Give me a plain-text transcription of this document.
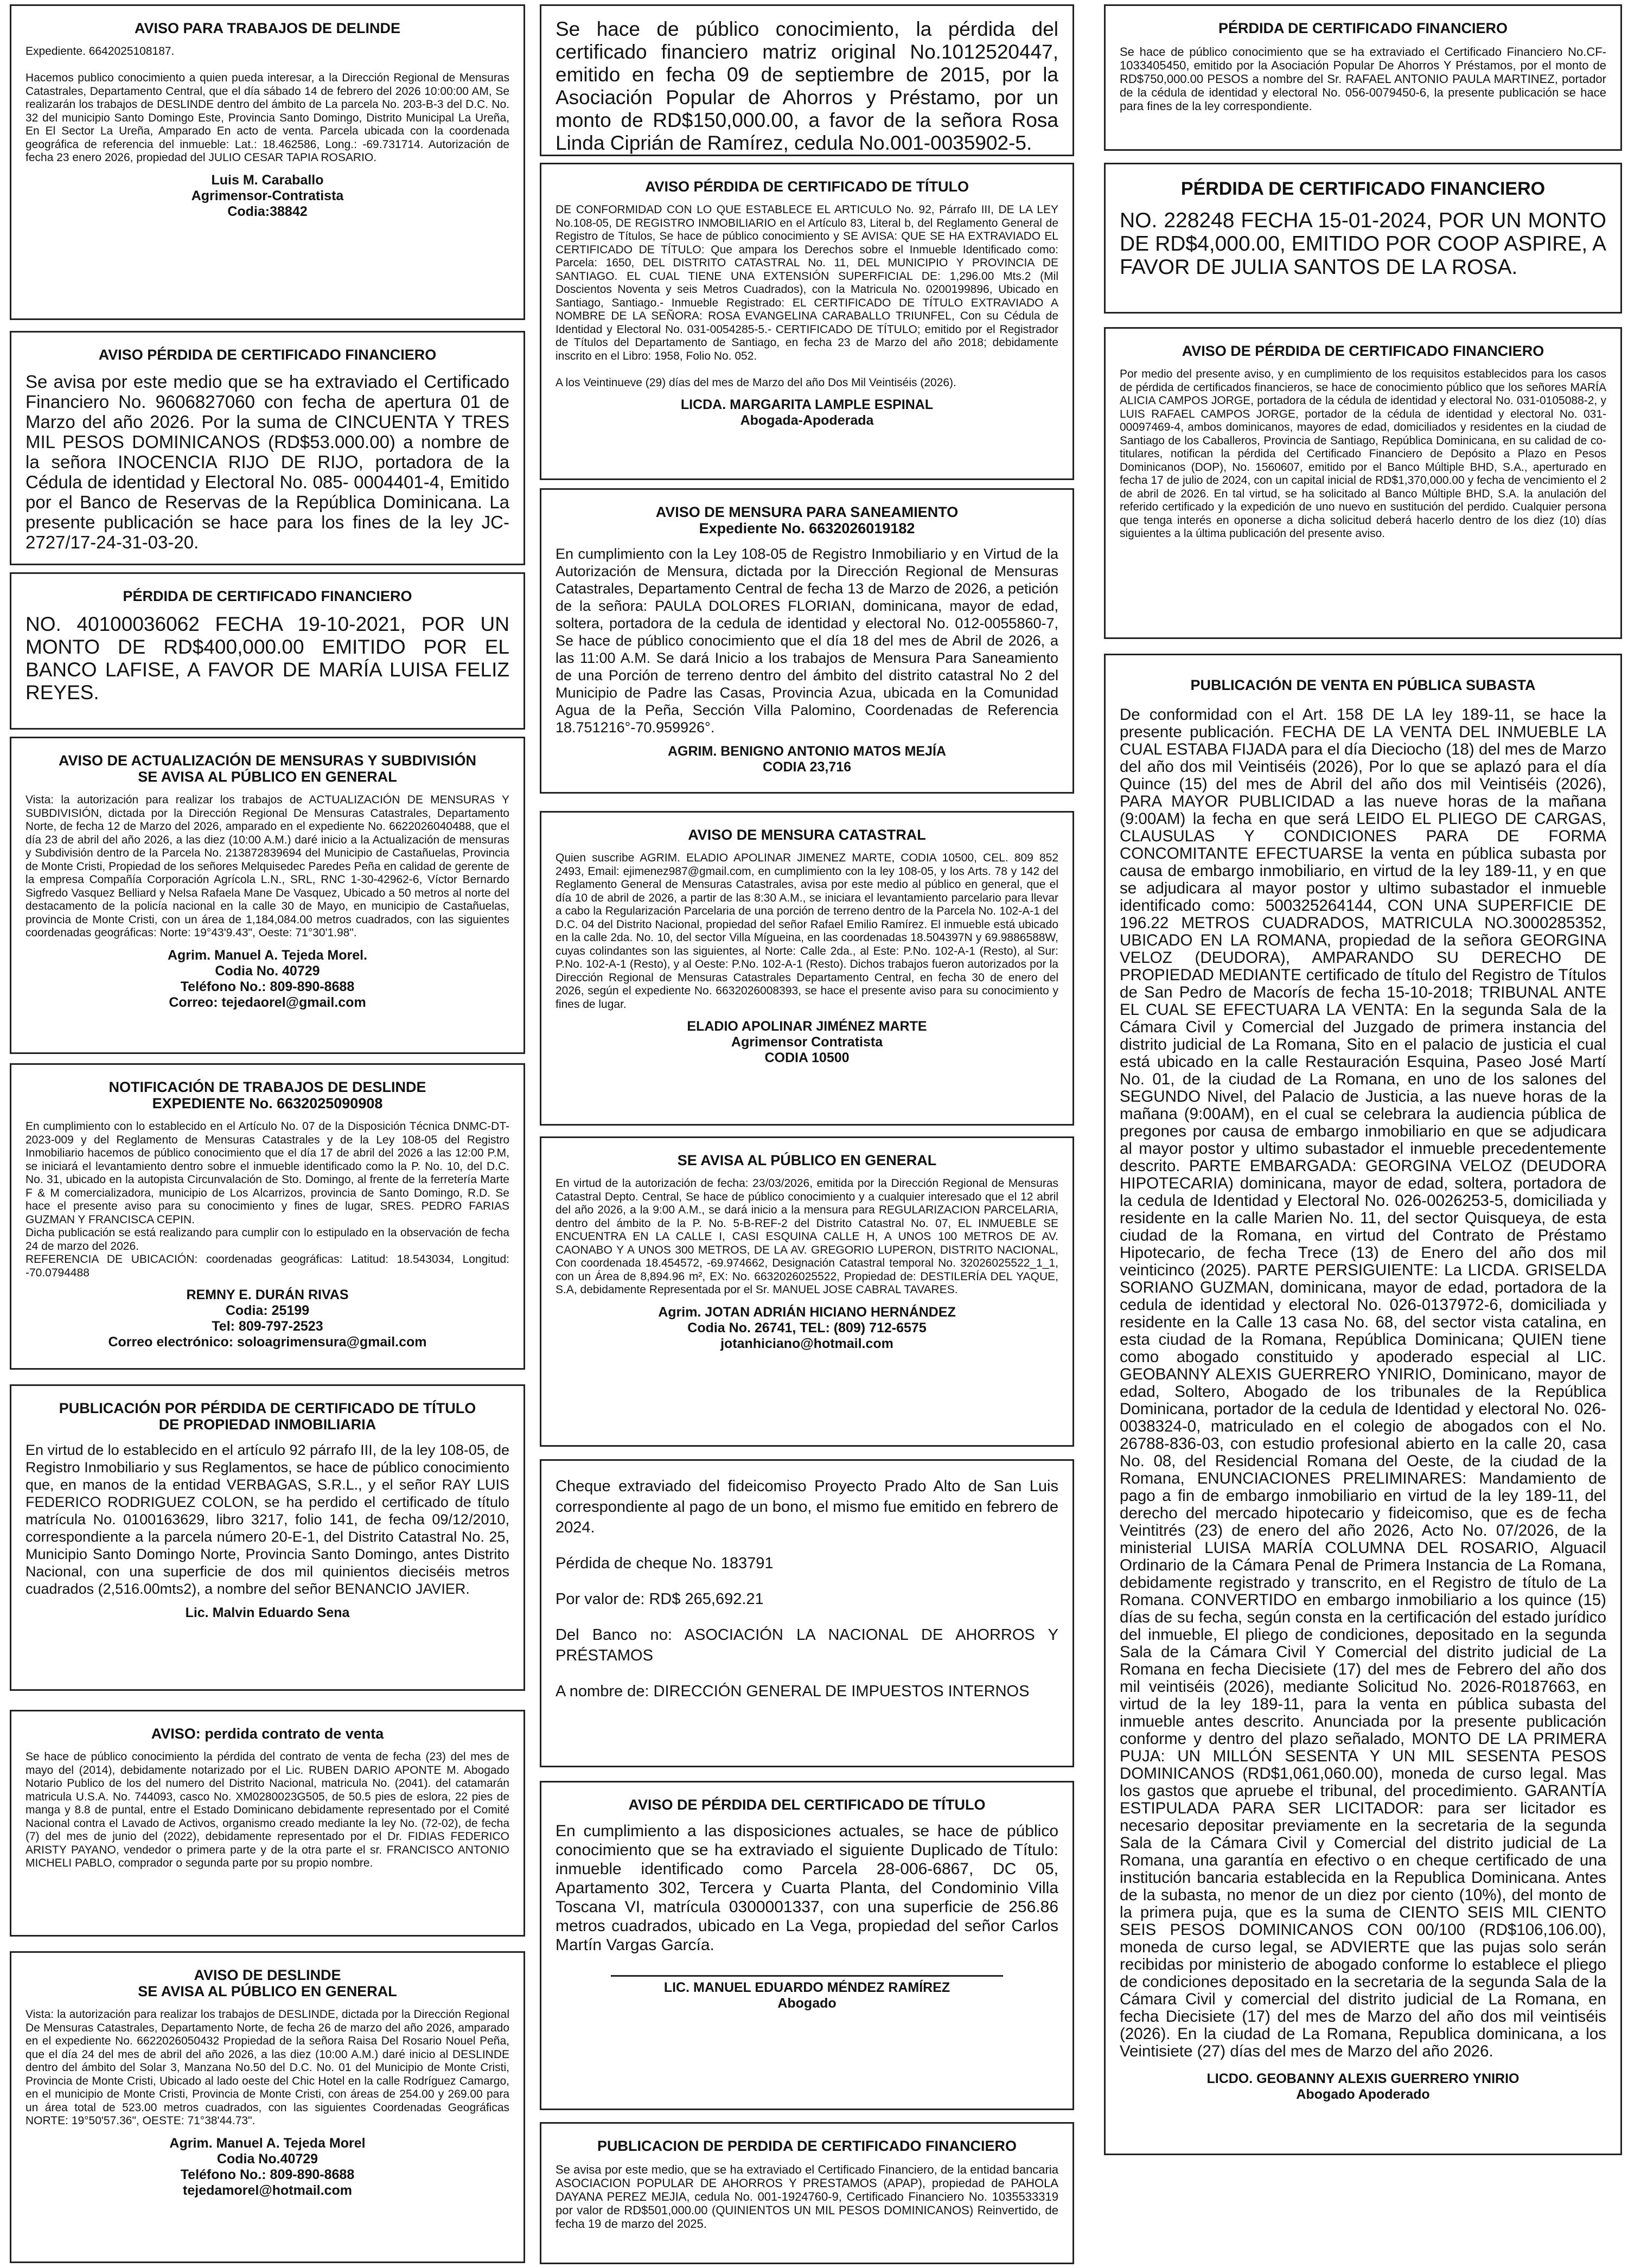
AVISO PARA TRABAJOS DE DELINDE
Expediente. 6642025108187.

Hacemos publico conocimiento a quien pueda interesar, a la Dirección Regional de Mensuras Catastrales, Departamento Central, que el día sábado 14 de febrero del 2026 10:00:00 AM, Se realizarán los trabajos de DESLINDE dentro del ámbito de La parcela No. 203-B-3 del D.C. No. 32 del municipio Santo Domingo Este, Provincia Santo Domingo, Distrito Municipal La Ureña, En El Sector La Ureña, Amparado En acto de venta. Parcela ubicada con la coordenada geográfica de referencia del inmueble: Lat.: 18.462586, Long.: -69.731714. Autorización de fecha 23 enero 2026, propiedad del JULIO CESAR TAPIA ROSARIO.
Luis M. Caraballo
Agrimensor-Contratista
Codia:38842
AVISO PÉRDIDA DE CERTIFICADO FINANCIERO
Se avisa por este medio que se ha extraviado el Certificado Financiero No. 9606827060 con fecha de apertura 01 de Marzo del año 2026. Por la suma de CINCUENTA Y TRES MIL PESOS DOMINICANOS (RD$53.000.00) a nombre de la señora INOCENCIA RIJO DE RIJO, portadora de la Cédula de identidad y Electoral No. 085- 0004401-4, Emitido por el Banco de Reservas de la República Dominicana. La presente publicación se hace para los fines de la ley JC-2727/17-24-31-03-20.
PÉRDIDA DE CERTIFICADO FINANCIERO
NO. 40100036062 FECHA 19-10-2021, POR UN MONTO DE RD$400,000.00 EMITIDO POR EL BANCO LAFISE, A FAVOR DE MARÍA LUISA FELIZ REYES.
AVISO DE ACTUALIZACIÓN DE MENSURAS Y SUBDIVISIÓN
SE AVISA AL PÚBLICO EN GENERAL
Vista: la autorización para realizar los trabajos de ACTUALIZACIÓN DE MENSURAS Y SUBDIVISIÓN, dictada por la Dirección Regional De Mensuras Catastrales, Departamento Norte, de fecha 12 de Marzo del 2026, amparado en el expediente No. 6622026040488, que el día 23 de abril del año 2026, a las diez (10:00 A.M.) daré inicio a la Actualización de mensuras y Subdivisión dentro de la Parcela No. 213872839694 del Municipio de Castañuelas, Provincia de Monte Cristi, Propiedad de los señores Melquisedec Paredes Peña en calidad de gerente de la empresa Compañía Corporación Agrícola L.N., SRL, RNC 1-30-42962-6, Víctor Bernardo Sigfredo Vasquez Belliard y Nelsa Rafaela Mane De Vasquez, Ubicado a 50 metros al norte del destacamento de la policía nacional en la calle 30 de Mayo, en municipio de Castañuelas, provincia de Monte Cristi, con un área de 1,184,084.00 metros cuadrados, con las siguientes coordenadas geográficas: Norte: 19°43'9.43", Oeste: 71°30'1.98".
Agrim. Manuel A. Tejeda Morel.
Codia No. 40729
Teléfono No.: 809-890-8688
Correo: tejedaorel@gmail.com
NOTIFICACIÓN DE TRABAJOS DE DESLINDE
EXPEDIENTE No. 6632025090908
En cumplimiento con lo establecido en el Artículo No. 07 de la Disposición Técnica DNMC-DT-2023-009 y del Reglamento de Mensuras Catastrales y de la Ley 108-05 del Registro Inmobiliario hacemos de público conocimiento que el día 17 de abril del 2026 a las 12:00 P.M, se iniciará el levantamiento dentro sobre el inmueble identificado como la P. No. 10, del D.C. No. 31, ubicado en la autopista Circunvalación de Sto. Domingo, al frente de la ferretería Marte F & M comercializadora, municipio de Los Alcarrizos, provincia de Santo Domingo, R.D. Se hace el presente aviso para su conocimiento y fines de lugar, SRES. PEDRO FARIAS GUZMAN Y FRANCISCA CEPIN.
Dicha publicación se está realizando para cumplir con lo estipulado en la observación de fecha 24 de marzo del 2026.
REFERENCIA DE UBICACIÓN: coordenadas geográficas: Latitud: 18.543034, Longitud: -70.0794488
REMNY E. DURÁN RIVAS
Codia: 25199
Tel: 809-797-2523
Correo electrónico: soloagrimensura@gmail.com
PUBLICACIÓN POR PÉRDIDA DE CERTIFICADO DE TÍTULO
DE PROPIEDAD INMOBILIARIA
En virtud de lo establecido en el artículo 92 párrafo III, de la ley 108-05, de Registro Inmobiliario y sus Reglamentos, se hace de público conocimiento que, en manos de la entidad VERBAGAS, S.R.L., y el señor RAY LUIS FEDERICO RODRIGUEZ COLON, se ha perdido el certificado de título matrícula No. 0100163629, libro 3217, folio 141, de fecha 09/12/2010, correspondiente a la parcela número 20-E-1, del Distrito Catastral No. 25, Municipio Santo Domingo Norte, Provincia Santo Domingo, antes Distrito Nacional, con una superficie de dos mil quinientos dieciséis metros cuadrados (2,516.00mts2), a nombre del señor BENANCIO JAVIER.
Lic. Malvin Eduardo Sena
AVISO: perdida contrato de venta
Se hace de público conocimiento la pérdida del contrato de venta de fecha (23) del mes de mayo del (2014), debidamente notarizado por el Lic. RUBEN DARIO APONTE M. Abogado Notario Publico de los del numero del Distrito Nacional, matricula No. (2041). del catamarán matricula U.S.A. No. 744093, casco No. XM0280023G505, de 50.5 pies de eslora, 22 pies de manga y 8.8 de puntal, entre el Estado Dominicano debidamente representado por el Comité Nacional contra el Lavado de Activos, organismo creado mediante la ley No. (72-02), de fecha (7) del mes de junio del (2022), debidamente representado por el Dr. FIDIAS FEDERICO ARISTY PAYANO, vendedor o primera parte y de la otra parte el sr. FRANCISCO ANTONIO MICHELI PABLO, comprador o segunda parte por su propio nombre.
AVISO DE DESLINDE
SE AVISA AL PÚBLICO EN GENERAL
Vista: la autorización para realizar los trabajos de DESLINDE, dictada por la Dirección Regional De Mensuras Catastrales, Departamento Norte, de fecha 26 de marzo del año 2026, amparado en el expediente No. 6622026050432 Propiedad de la señora Raisa Del Rosario Nouel Peña, que el día 24 del mes de abril del año 2026, a las diez (10:00 A.M.) daré inicio al DESLINDE dentro del ámbito del Solar 3, Manzana No.50 del D.C. No. 01 del Municipio de Monte Cristi, Provincia de Monte Cristi, Ubicado al lado oeste del Chic Hotel en la calle Rodríguez Camargo, en el municipio de Monte Cristi, Provincia de Monte Cristi, con áreas de 254.00 y 269.00 para un área total de 523.00 metros cuadrados, con las siguientes Coordenadas Geográficas NORTE: 19°50'57.36", OESTE: 71°38'44.73".
Agrim. Manuel A. Tejeda Morel
Codia No.40729
Teléfono No.: 809-890-8688
tejedamorel@hotmail.com
Se hace de público conocimiento, la pérdida del certificado financiero matriz original No.1012520447, emitido en fecha 09 de septiembre de 2015, por la Asociación Popular de Ahorros y Préstamo, por un monto de RD$150,000.00, a favor de la señora Rosa Linda Ciprián de Ramírez, cedula No.001-0035902-5.
AVISO PÉRDIDA DE CERTIFICADO DE TÍTULO
DE CONFORMIDAD CON LO QUE ESTABLECE EL ARTICULO No. 92, Párrafo III, DE LA LEY No.108-05, DE REGISTRO INMOBILIARIO en el Artículo 83, Literal b, del Reglamento General de Registro de Títulos, Se hace de público conocimiento y SE AVISA: QUE SE HA EXTRAVIADO EL CERTIFICADO DE TÍTULO: Que ampara los Derechos sobre el Inmueble Identificado como: Parcela: 1650, DEL DISTRITO CATASTRAL No. 11, DEL MUNICIPIO Y PROVINCIA DE SANTIAGO. EL CUAL TIENE UNA EXTENSIÓN SUPERFICIAL DE: 1,296.00 Mts.2 (Mil Doscientos Noventa y seis Metros Cuadrados), con la Matricula No. 0200199896, Ubicado en Santiago, Santiago.- Inmueble Registrado: EL CERTIFICADO DE TÍTULO EXTRAVIADO A NOMBRE DE LA SEÑORA: ROSA EVANGELINA CARABALLO TRIUNFEL, Con su Cédula de Identidad y Electoral No. 031-0054285-5.- CERTIFICADO DE TÍTULO; emitido por el Registrador de Títulos del Departamento de Santiago, en fecha 23 de Marzo del año 2018; debidamente inscrito en el Libro: 1958, Folio No. 052.

A los Veintinueve (29) días del mes de Marzo del año Dos Mil Veintiséis (2026).
LICDA. MARGARITA LAMPLE ESPINAL
Abogada-Apoderada
AVISO DE MENSURA PARA SANEAMIENTO
Expediente No. 6632026019182
En cumplimiento con la Ley 108-05 de Registro Inmobiliario y en Virtud de la Autorización de Mensura, dictada por la Dirección Regional de Mensuras Catastrales, Departamento Central de fecha 13 de Marzo de 2026, a petición de la señora: PAULA DOLORES FLORIAN, dominicana, mayor de edad, soltera, portadora de la cedula de identidad y electoral No. 012-0055860-7, Se hace de público conocimiento que el día 18 del mes de Abril de 2026, a las 11:00 A.M. Se dará Inicio a los trabajos de Mensura Para Saneamiento de una Porción de terreno dentro del ámbito del distrito catastral No 2 del Municipio de Padre las Casas, Provincia Azua, ubicada en la Comunidad Agua de la Peña, Sección Villa Palomino, Coordenadas de Referencia 18.751216°-70.959926°.
AGRIM. BENIGNO ANTONIO MATOS MEJÍA
CODIA 23,716
AVISO DE MENSURA CATASTRAL
Quien suscribe AGRIM. ELADIO APOLINAR JIMENEZ MARTE, CODIA 10500, CEL. 809 852 2493, Email: ejimenez987@gmail.com, en cumplimiento con la ley 108-05, y los Arts. 78 y 142 del Reglamento General de Mensuras Catastrales, avisa por este medio al público en general, que el día 10 de abril de 2026, a partir de las 8:30 A.M., se iniciara el levantamiento parcelario para llevar a cabo la Regularización Parcelaria de una porción de terreno dentro de la Parcela No. 102-A-1 del D.C. 04 del Distrito Nacional, propiedad del señor Rafael Emilio Ramírez. El inmueble está ubicado en la calle 2da. No. 10, del sector Villa Mígueina, en las coordenadas 18.504397N y 69.9886588W, cuyas colindantes son las siguientes, al Norte: Calle 2da., al Este: P.No. 102-A-1 (Resto), al Sur: P.No. 102-A-1 (Resto), y al Oeste: P.No. 102-A-1 (Resto). Dichos trabajos fueron autorizados por la Dirección Regional de Mensuras Catastrales Departamento Central, en fecha 30 de enero del 2026, según el expediente No. 6632026008393, se hace el presente aviso para su conocimiento y fines de lugar.
ELADIO APOLINAR JIMÉNEZ MARTE
Agrimensor Contratista
CODIA 10500
SE AVISA AL PÚBLICO EN GENERAL
En virtud de la autorización de fecha: 23/03/2026, emitida por la Dirección Regional de Mensuras Catastral Depto. Central, Se hace de público conocimiento y a cualquier interesado que el 12 abril del año 2026, a la 9:00 A.M., se dará inicio a la mensura para REGULARIZACION PARCELARIA, dentro del ámbito de la P. No. 5-B-REF-2 del Distrito Catastral No. 07, EL INMUEBLE SE ENCUENTRA EN LA CALLE I, CASI ESQUINA CALLE H, A UNOS 100 METROS DE AV. CAONABO Y A UNOS 300 METROS, DE LA AV. GREGORIO LUPERON, DISTRITO NACIONAL, Con coordenada 18.454572, -69.974662, Designación Catastral temporal No. 32026025522_1_1, con un Área de 8,894.96 m², EX: No. 6632026025522, Propiedad de: DESTILERÍA DEL YAQUE, S.A, debidamente Representada por el Sr. MANUEL JOSE CABRAL TAVARES.
Agrim. JOTAN ADRIÁN HICIANO HERNÁNDEZ
Codia No. 26741, TEL: (809) 712-6575
jotanhiciano@hotmail.com
Cheque extraviado del fideicomiso Proyecto Prado Alto de San Luis correspondiente al pago de un bono, el mismo fue emitido en febrero de 2024.
Pérdida de cheque No. 183791
Por valor de: RD$ 265,692.21
Del Banco no: ASOCIACIÓN LA NACIONAL DE AHORROS Y PRÉSTAMOS
A nombre de: DIRECCIÓN GENERAL DE IMPUESTOS INTERNOS
AVISO DE PÉRDIDA DEL CERTIFICADO DE TÍTULO
En cumplimiento a las disposiciones actuales, se hace de público conocimiento que se ha extraviado el siguiente Duplicado de Título: inmueble identificado como Parcela 28-006-6867, DC 05, Apartamento 302, Tercera y Cuarta Planta, del Condominio Villa Toscana VI, matrícula 0300001337, con una superficie de 256.86 metros cuadrados, ubicado en La Vega, propiedad del señor Carlos Martín Vargas García.
LIC. MANUEL EDUARDO MÉNDEZ RAMÍREZ
Abogado
PUBLICACION DE PERDIDA DE CERTIFICADO FINANCIERO
Se avisa por este medio, que se ha extraviado el Certificado Financiero, de la entidad bancaria ASOCIACION POPULAR DE AHORROS Y PRESTAMOS (APAP), propiedad de PAHOLA DAYANA PEREZ MEJIA, cedula No. 001-1924760-9, Certificado Financiero No. 1035533319 por valor de RD$501,000.00 (QUINIENTOS UN MIL PESOS DOMINICANOS) Reinvertido, de fecha 19 de marzo del 2025.
PÉRDIDA DE CERTIFICADO FINANCIERO
Se hace de público conocimiento que se ha extraviado el Certificado Financiero No.CF-1033405450, emitido por la Asociación Popular De Ahorros Y Préstamos, por el monto de RD$750,000.00 PESOS a nombre del Sr. RAFAEL ANTONIO PAULA MARTINEZ, portador de la cédula de identidad y electoral No. 056-0079450-6, la presente publicación se hace para fines de la ley correspondiente.
PÉRDIDA DE CERTIFICADO FINANCIERO
NO. 228248 FECHA 15-01-2024, POR UN MONTO DE RD$4,000.00, EMITIDO POR COOP ASPIRE, A FAVOR DE JULIA SANTOS DE LA ROSA.
AVISO DE PÉRDIDA DE CERTIFICADO FINANCIERO
Por medio del presente aviso, y en cumplimiento de los requisitos establecidos para los casos de pérdida de certificados financieros, se hace de conocimiento público que los señores MARÍA ALICIA CAMPOS JORGE, portadora de la cédula de identidad y electoral No. 031-0105088-2, y LUIS RAFAEL CAMPOS JORGE, portador de la cédula de identidad y electoral No. 031-00097469-4, ambos dominicanos, mayores de edad, domiciliados y residentes en la ciudad de Santiago de los Caballeros, Provincia de Santiago, República Dominicana, en su calidad de co-titulares, notifican la pérdida del Certificado Financiero de Depósito a Plazo en Pesos Dominicanos (DOP), No. 1560607, emitido por el Banco Múltiple BHD, S.A., aperturado en fecha 17 de julio de 2024, con un capital inicial de RD$1,370,000.00 y fecha de vencimiento el 2 de abril de 2026. En tal virtud, se ha solicitado al Banco Múltiple BHD, S.A. la anulación del referido certificado y la expedición de uno nuevo en sustitución del perdido. Cualquier persona que tenga interés en oponerse a dicha solicitud deberá hacerlo dentro de los diez (10) días siguientes a la última publicación del presente aviso.
PUBLICACIÓN DE VENTA EN PÚBLICA SUBASTA
De conformidad con el Art. 158 DE LA ley 189-11, se hace la presente publicación. FECHA DE LA VENTA DEL INMUEBLE LA CUAL ESTABA FIJADA para el día Dieciocho (18) del mes de Marzo del año dos mil Veintiséis (2026), Por lo que se aplazó para el día Quince (15) del mes de Abril del año dos mil Veintiséis (2026), PARA MAYOR PUBLICIDAD a las nueve horas de la mañana (9:00AM) la fecha en que será LEIDO EL PLIEGO DE CARGAS, CLAUSULAS Y CONDICIONES PARA DE FORMA CONCOMITANTE EFECTUARSE la venta en pública subasta por causa de embargo inmobiliario, en virtud de la ley 189-11, y en que se adjudicara al mayor postor y ultimo subastador el inmueble identificado como: 500325264144, CON UNA SUPERFICIE DE 196.22 METROS CUADRADOS, MATRICULA NO.3000285352, UBICADO EN LA ROMANA, propiedad de la señora GEORGINA VELOZ (DEUDORA), AMPARANDO SU DERECHO DE PROPIEDAD MEDIANTE certificado de título del Registro de Títulos de San Pedro de Macorís de fecha 15-10-2018; TRIBUNAL ANTE EL CUAL SE EFECTUARA LA VENTA: En la segunda Sala de la Cámara Civil y Comercial del Juzgado de primera instancia del distrito judicial de La Romana, Sito en el palacio de justicia el cual está ubicado en la calle Restauración Esquina, Paseo José Martí No. 01, de la ciudad de La Romana, en uno de los salones del SEGUNDO Nivel, del Palacio de Justicia, a las nueve horas de la mañana (9:00AM), en el cual se celebrara la audiencia pública de pregones por causa de embargo inmobiliario en que se adjudicara al mayor postor y ultimo subastador el inmueble precedentemente descrito. PARTE EMBARGADA: GEORGINA VELOZ (DEUDORA HIPOTECARIA) dominicana, mayor de edad, soltera, portadora de la cedula de Identidad y Electoral No. 026-0026253-5, domiciliada y residente en la calle Marien No. 11, del sector Quisqueya, de esta ciudad de la Romana, en virtud del Contrato de Préstamo Hipotecario, de fecha Trece (13) de Enero del año dos mil veinticinco (2025). PARTE PERSIGUIENTE: La LICDA. GRISELDA SORIANO GUZMAN, dominicana, mayor de edad, portadora de la cedula de identidad y electoral No. 026-0137972-6, domiciliada y residente en la Calle 13 casa No. 68, del sector vista catalina, en esta ciudad de la Romana, República Dominicana; QUIEN tiene como abogado constituido y apoderado especial al LIC. GEOBANNY ALEXIS GUERRERO YNIRIO, Dominicano, mayor de edad, Soltero, Abogado de los tribunales de la República Dominicana, portador de la cedula de Identidad y electoral No. 026-0038324-0, matriculado en el colegio de abogados con el No. 26788-836-03, con estudio profesional abierto en la calle 20, casa No. 08, del Residencial Romana del Oeste, de la ciudad de la Romana, ENUNCIACIONES PRELIMINARES: Mandamiento de pago a fin de embargo inmobiliario en virtud de la ley 189-11, del derecho del mercado hipotecario y fideicomiso, que es de fecha Veintitrés (23) de enero del año 2026, Acto No. 07/2026, de la ministerial LUISA MARÍA COLUMNA DEL ROSARIO, Alguacil Ordinario de la Cámara Penal de Primera Instancia de La Romana, debidamente registrado y transcrito, en el Registro de título de La Romana. CONVERTIDO en embargo inmobiliario a los quince (15) días de su fecha, según consta en la certificación del estado jurídico del inmueble, El pliego de condiciones, depositado en la segunda Sala de la Cámara Civil Y Comercial del distrito judicial de La Romana en fecha Diecisiete (17) del mes de Febrero del año dos mil veintiséis (2026), mediante Solicitud No. 2026-R0187663, en virtud de la ley 189-11, para la venta en pública subasta del inmueble antes descrito. Anunciada por la presente publicación conforme y dentro del plazo señalado, MONTO DE LA PRIMERA PUJA: UN MILLÓN SESENTA Y UN MIL SESENTA PESOS DOMINICANOS (RD$1,061,060.00), moneda de curso legal. Mas los gastos que apruebe el tribunal, del procedimiento. GARANTÍA ESTIPULADA PARA SER LICITADOR: para ser licitador es necesario depositar previamente en la secretaria de la segunda Sala de la Cámara Civil y Comercial del distrito judicial de La Romana, una garantía en efectivo o en cheque certificado de una institución bancaria establecida en la Republica Dominicana. Antes de la subasta, no menor de un diez por ciento (10%), del monto de la primera puja, que es la suma de CIENTO SEIS MIL CIENTO SEIS PESOS DOMINICANOS CON 00/100 (RD$106,106.00), moneda de curso legal, se ADVIERTE que las pujas solo serán recibidas por ministerio de abogado conforme lo establece el pliego de condiciones depositado en la secretaria de la segunda Sala de la Cámara Civil y comercial del distrito judicial de La Romana, en fecha Diecisiete (17) del mes de Marzo del año dos mil veintiséis (2026). En la ciudad de La Romana, Republica dominicana, a los Veintisiete (27) días del mes de Marzo del año 2026.
LICDO. GEOBANNY ALEXIS GUERRERO YNIRIO
Abogado Apoderado
